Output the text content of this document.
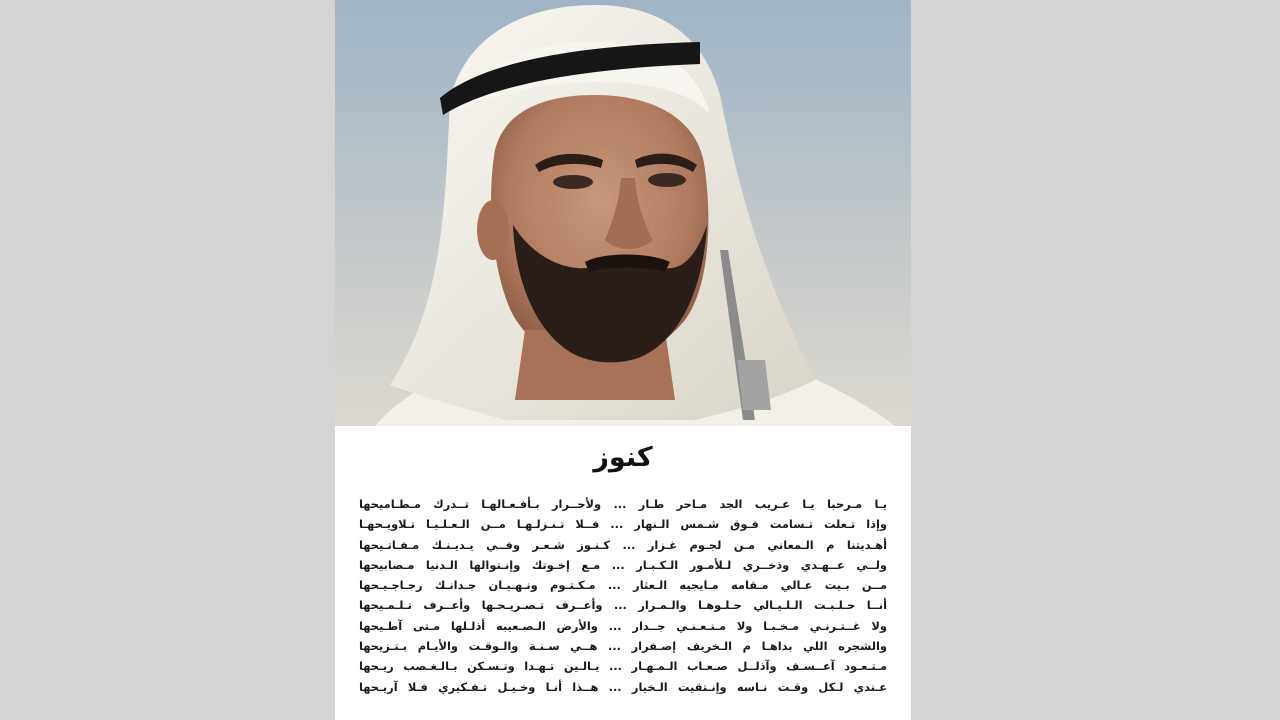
كنوز
يـا مـرحبا يـا عـريب الجد مـاحر طـار ... ولأحــرار بـأفـعـالهـا تــدرك مـطـاميحها
وإذا تـعلت تـسامت فـوق شـمس الـنهار ... فــلا تـنـزلـهـا مــن الـعـلـيـا تـلاويـحهـا
أهـديتنا م الـمعاني مـن لجـوم غـزار ... كـنـوز شـعـر وفــي يـديـنـك مـفـاتـيحها
ولــي عــهـدي وذخــري لـلأمـور الـكـبـار ... مـع إخـوتك وإنـتوالها الـدنيا مـصابيحها
مــن بـيت عـالي مـقامه مـايجيه الـعثار ... مـكـتـوم ونـهـيـان جـدانـك رجـاجـيـحها
أنــا حـلـبـت الـلـيـالي حـلـوهـا والـمـرار ... وأعــرف تـصـريـحـها وأعــرف تـلـمـيحها
ولا غــتـرنـي مـخـبـا ولا مـنـعـنـي جــدار ... والأرض الـصـعيبه أذلـلها مـتى آطـيحها
والشجره اللي بداهـا م الـخريف إصـفرار ... هــي سـنـة والـوقـت والأيـام بـتـزيحها
مـتـعـود آعــسـف وآذلــل صـعـاب الـمـهـار ... يـالـين تـهـدا وتـسـكن بـالـغـصب ريـحها
عـندي لـكل وقـت نـاسه وإنـتقيت الـخيار ... هــذا أنـا وخـيـل تـفـكيري فـلا آريـحها
